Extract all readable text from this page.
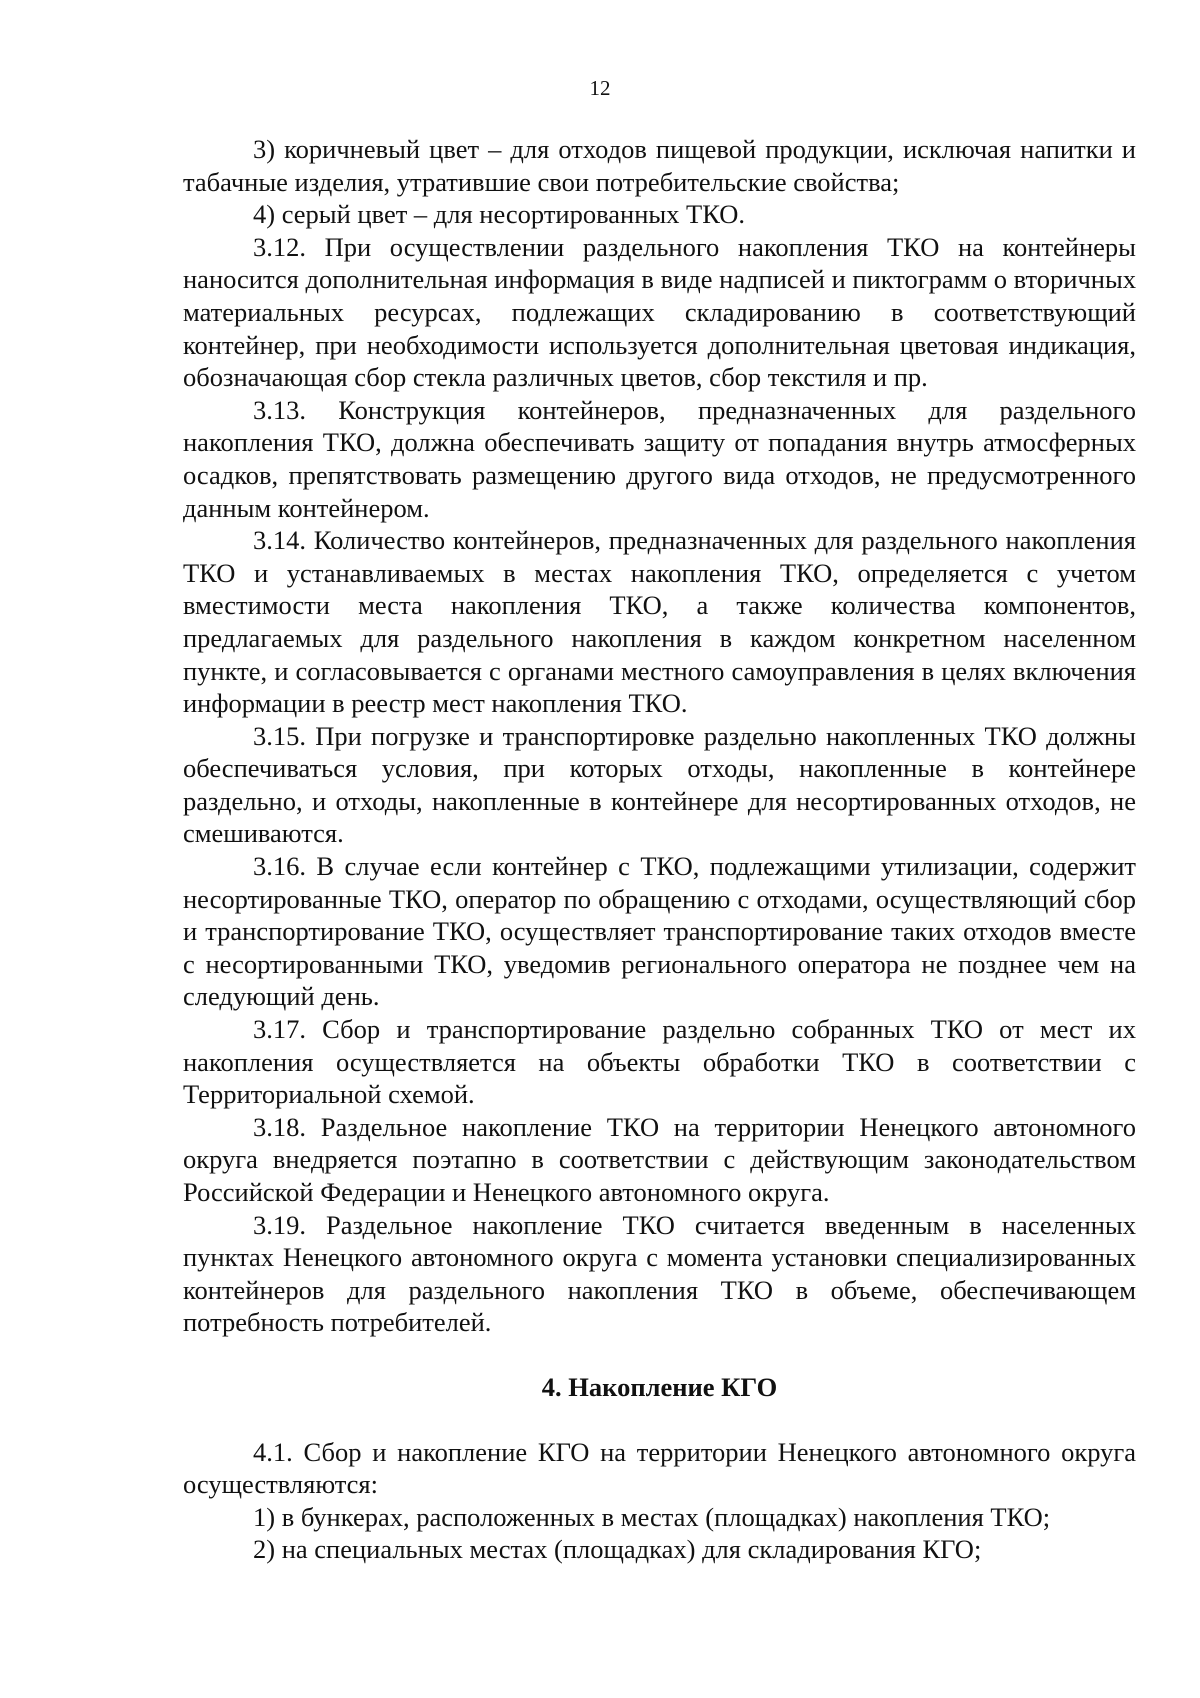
12

3) коричневый цвет – для отходов пищевой продукции, исключая напитки и табачные изделия, утратившие свои потребительские свойства;

4) серый цвет – для несортированных ТКО.

3.12. При осуществлении раздельного накопления ТКО на контейнеры наносится дополнительная информация в виде надписей и пиктограмм о вторичных материальных ресурсах, подлежащих складированию в соответствующий контейнер, при необходимости используется дополнительная цветовая индикация, обозначающая сбор стекла различных цветов, сбор текстиля и пр.

3.13. Конструкция контейнеров, предназначенных для раздельного накопления ТКО, должна обеспечивать защиту от попадания внутрь атмосферных осадков, препятствовать размещению другого вида отходов, не предусмотренного данным контейнером.

3.14. Количество контейнеров, предназначенных для раздельного накопления ТКО и устанавливаемых в местах накопления ТКО, определяется с учетом вместимости места накопления ТКО, а также количества компонентов, предлагаемых для раздельного накопления в каждом конкретном населенном пункте, и согласовывается с органами местного самоуправления в целях включения информации в реестр мест накопления ТКО.

3.15. При погрузке и транспортировке раздельно накопленных ТКО должны обеспечиваться условия, при которых отходы, накопленные в контейнере раздельно, и отходы, накопленные в контейнере для несортированных отходов, не смешиваются.

3.16. В случае если контейнер с ТКО, подлежащими утилизации, содержит несортированные ТКО, оператор по обращению с отходами, осуществляющий сбор и транспортирование ТКО, осуществляет транспортирование таких отходов вместе с несортированными ТКО, уведомив регионального оператора не позднее чем на следующий день.

3.17. Сбор и транспортирование раздельно собранных ТКО от мест их накопления осуществляется на объекты обработки ТКО в соответствии с Территориальной схемой.

3.18. Раздельное накопление ТКО на территории Ненецкого автономного округа внедряется поэтапно в соответствии с действующим законодательством Российской Федерации и Ненецкого автономного округа.

3.19. Раздельное накопление ТКО считается введенным в населенных пунктах Ненецкого автономного округа с момента установки специализированных контейнеров для раздельного накопления ТКО в объеме, обеспечивающем потребность потребителей.

4. Накопление КГО

4.1. Сбор и накопление КГО на территории Ненецкого автономного округа осуществляются:

1) в бункерах, расположенных в местах (площадках) накопления ТКО;

2) на специальных местах (площадках) для складирования КГО;
